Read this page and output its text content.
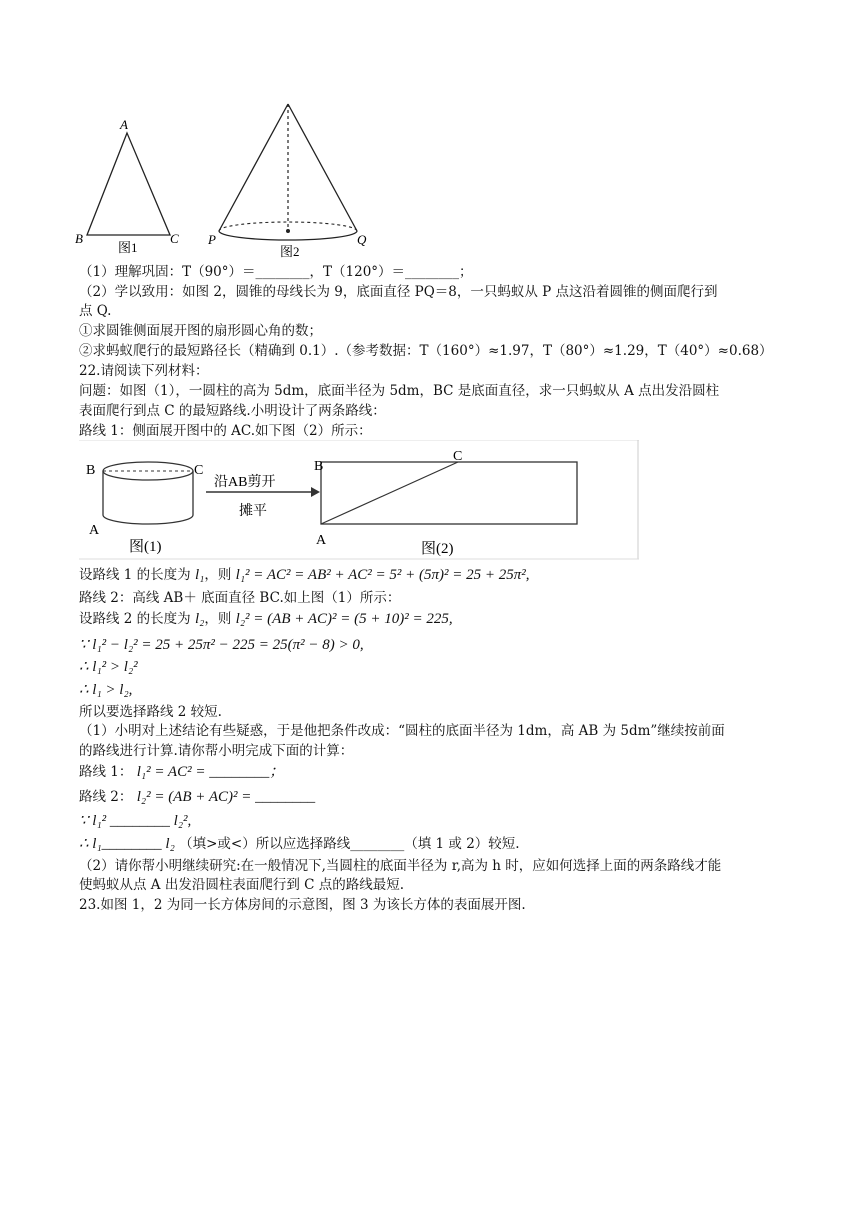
A
B	C
图1
P	Q
图2
（1）理解巩固：T（90°）＝________，T（120°）＝________；
（2）学以致用：如图 2，圆锥的母线长为 9，底面直径 PQ＝8，一只蚂蚁从 P 点这沿着圆锥的侧面爬行到
点 Q.
①求圆锥侧面展开图的扇形圆心角的数；
②求蚂蚁爬行的最短路径长（精确到 0.1）.（参考数据：T（160°）≈1.97，T（80°）≈1.29，T（40°）≈0.68）
22.请阅读下列材料：
问题：如图（1），一圆柱的高为 5dm，底面半径为 5dm，BC 是底面直径，求一只蚂蚁从 A 点出发沿圆柱
表面爬行到点 C 的最短路线.小明设计了两条路线：
路线 1：侧面展开图中的 AC.如下图（2）所示：
B	C
A
图(1)
沿AB剪开
摊平
B
C
A
图(2)
设路线 1 的长度为 l₁，则 l₁² = AC² = AB² + AC² = 5² + (5π)² = 25 + 25π²,
路线 2：高线 AB＋ 底面直径 BC.如上图（1）所示：
设路线 2 的长度为 l₂，则 l₂² = (AB + AC)² = (5 + 10)² = 225,
∵ l₁² − l₂² = 25 + 25π² − 225 = 25(π² − 8) > 0,
∴ l₁² > l₂²
∴ l₁ > l₂,
所以要选择路线 2 较短.
（1）小明对上述结论有些疑惑，于是他把条件改成：“圆柱的底面半径为 1dm，高 AB 为 5dm”继续按前面
的路线进行计算.请你帮小明完成下面的计算：
路线 1： l₁² = AC² = ________；
路线 2： l₂² = (AB + AC)² = ________
∵ l₁² ________ l₂²,
∴ l₁________ l₂ （填>或<）所以应选择路线________（填 1 或 2）较短.
（2）请你帮小明继续研究:在一般情况下,当圆柱的底面半径为 r,高为 h 时，应如何选择上面的两条路线才能
使蚂蚁从点 A 出发沿圆柱表面爬行到 C 点的路线最短.
23.如图 1，2 为同一长方体房间的示意图，图 3 为该长方体的表面展开图.
